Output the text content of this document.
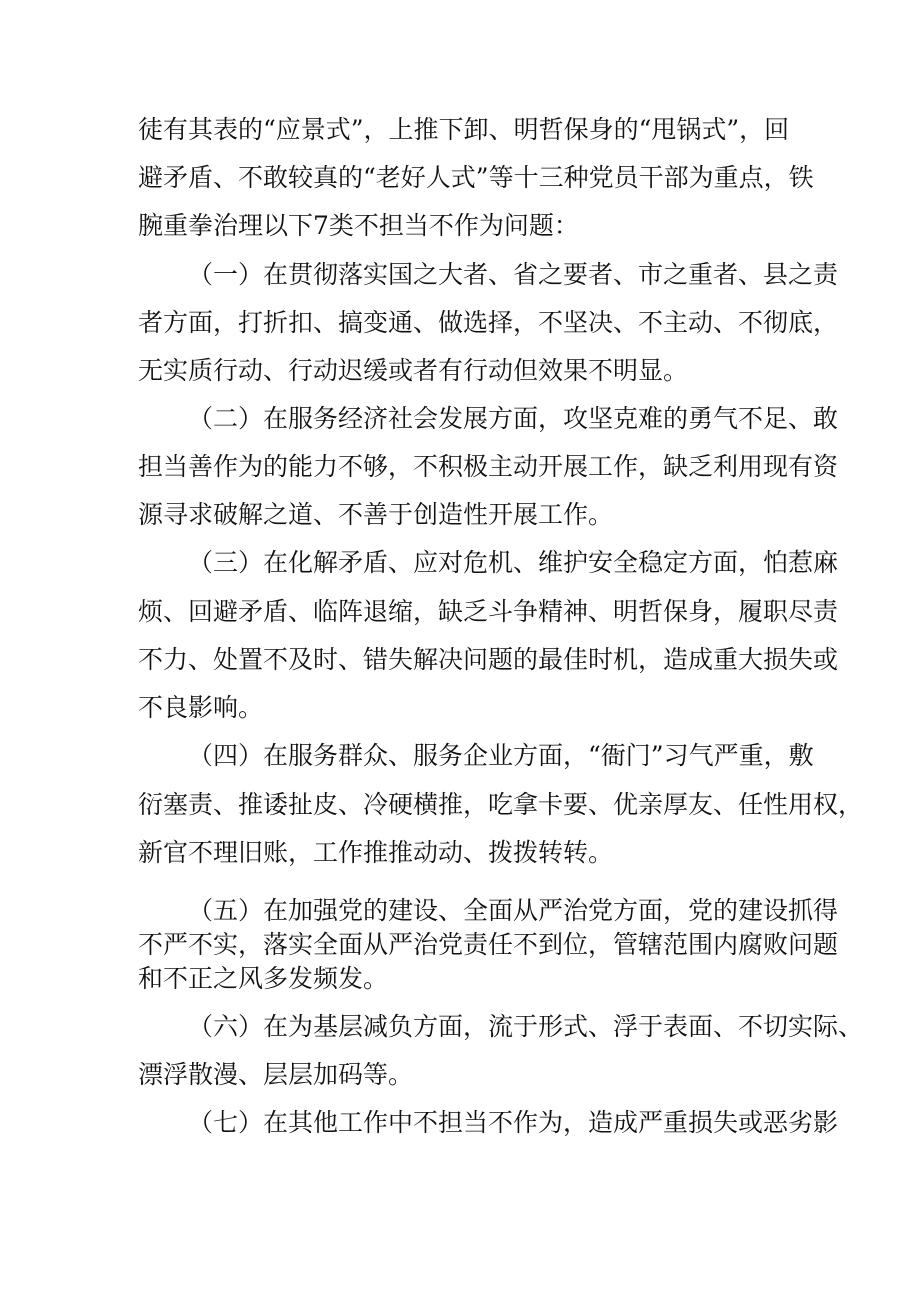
徒有其表的“应景式”，上推下卸、明哲保身的“甩锅式”，回
避矛盾、不敢较真的“老好人式”等十三种党员干部为重点，铁
腕重拳治理以下7类不担当不作为问题：
（一）在贯彻落实国之大者、省之要者、市之重者、县之责
者方面，打折扣、搞变通、做选择，不坚决、不主动、不彻底，
无实质行动、行动迟缓或者有行动但效果不明显。
（二）在服务经济社会发展方面，攻坚克难的勇气不足、敢
担当善作为的能力不够，不积极主动开展工作，缺乏利用现有资
源寻求破解之道、不善于创造性开展工作。
（三）在化解矛盾、应对危机、维护安全稳定方面，怕惹麻
烦、回避矛盾、临阵退缩，缺乏斗争精神、明哲保身，履职尽责
不力、处置不及时、错失解决问题的最佳时机，造成重大损失或
不良影响。
（四）在服务群众、服务企业方面，“衙门”习气严重，敷
衍塞责、推诿扯皮、冷硬横推，吃拿卡要、优亲厚友、任性用权，
新官不理旧账，工作推推动动、拨拨转转。
（五）在加强党的建设、全面从严治党方面，党的建设抓得
不严不实，落实全面从严治党责任不到位，管辖范围内腐败问题
和不正之风多发频发。
（六）在为基层减负方面，流于形式、浮于表面、不切实际、
漂浮散漫、层层加码等。
（七）在其他工作中不担当不作为，造成严重损失或恶劣影
